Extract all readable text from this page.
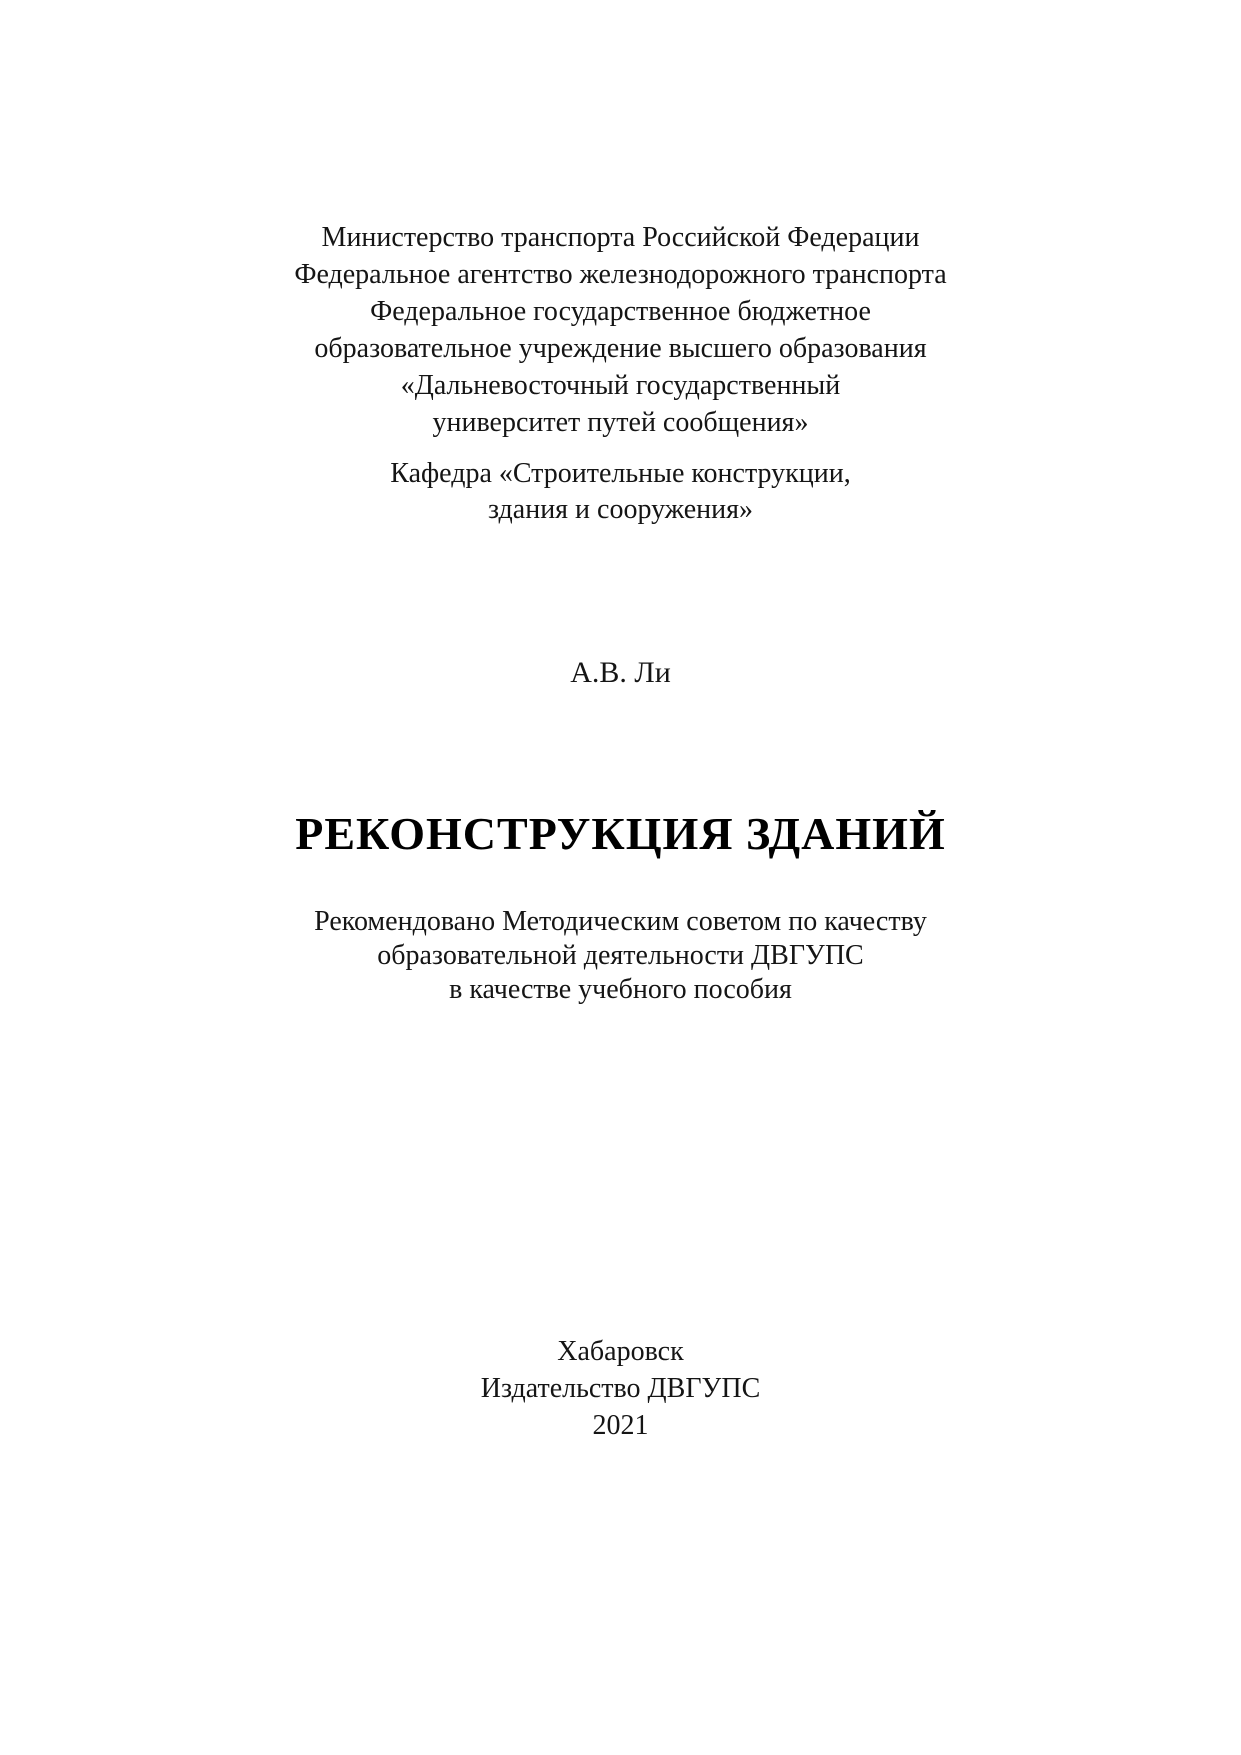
Министерство транспорта Российской Федерации
Федеральное агентство железнодорожного транспорта
Федеральное государственное бюджетное
образовательное учреждение высшего образования
«Дальневосточный государственный
университет путей сообщения»
Кафедра «Строительные конструкции,
здания и сооружения»
А.В. Ли
РЕКОНСТРУКЦИЯ ЗДАНИЙ
Рекомендовано Методическим советом по качеству
образовательной деятельности ДВГУПС
в качестве учебного пособия
Хабаровск
Издательство ДВГУПС
2021
